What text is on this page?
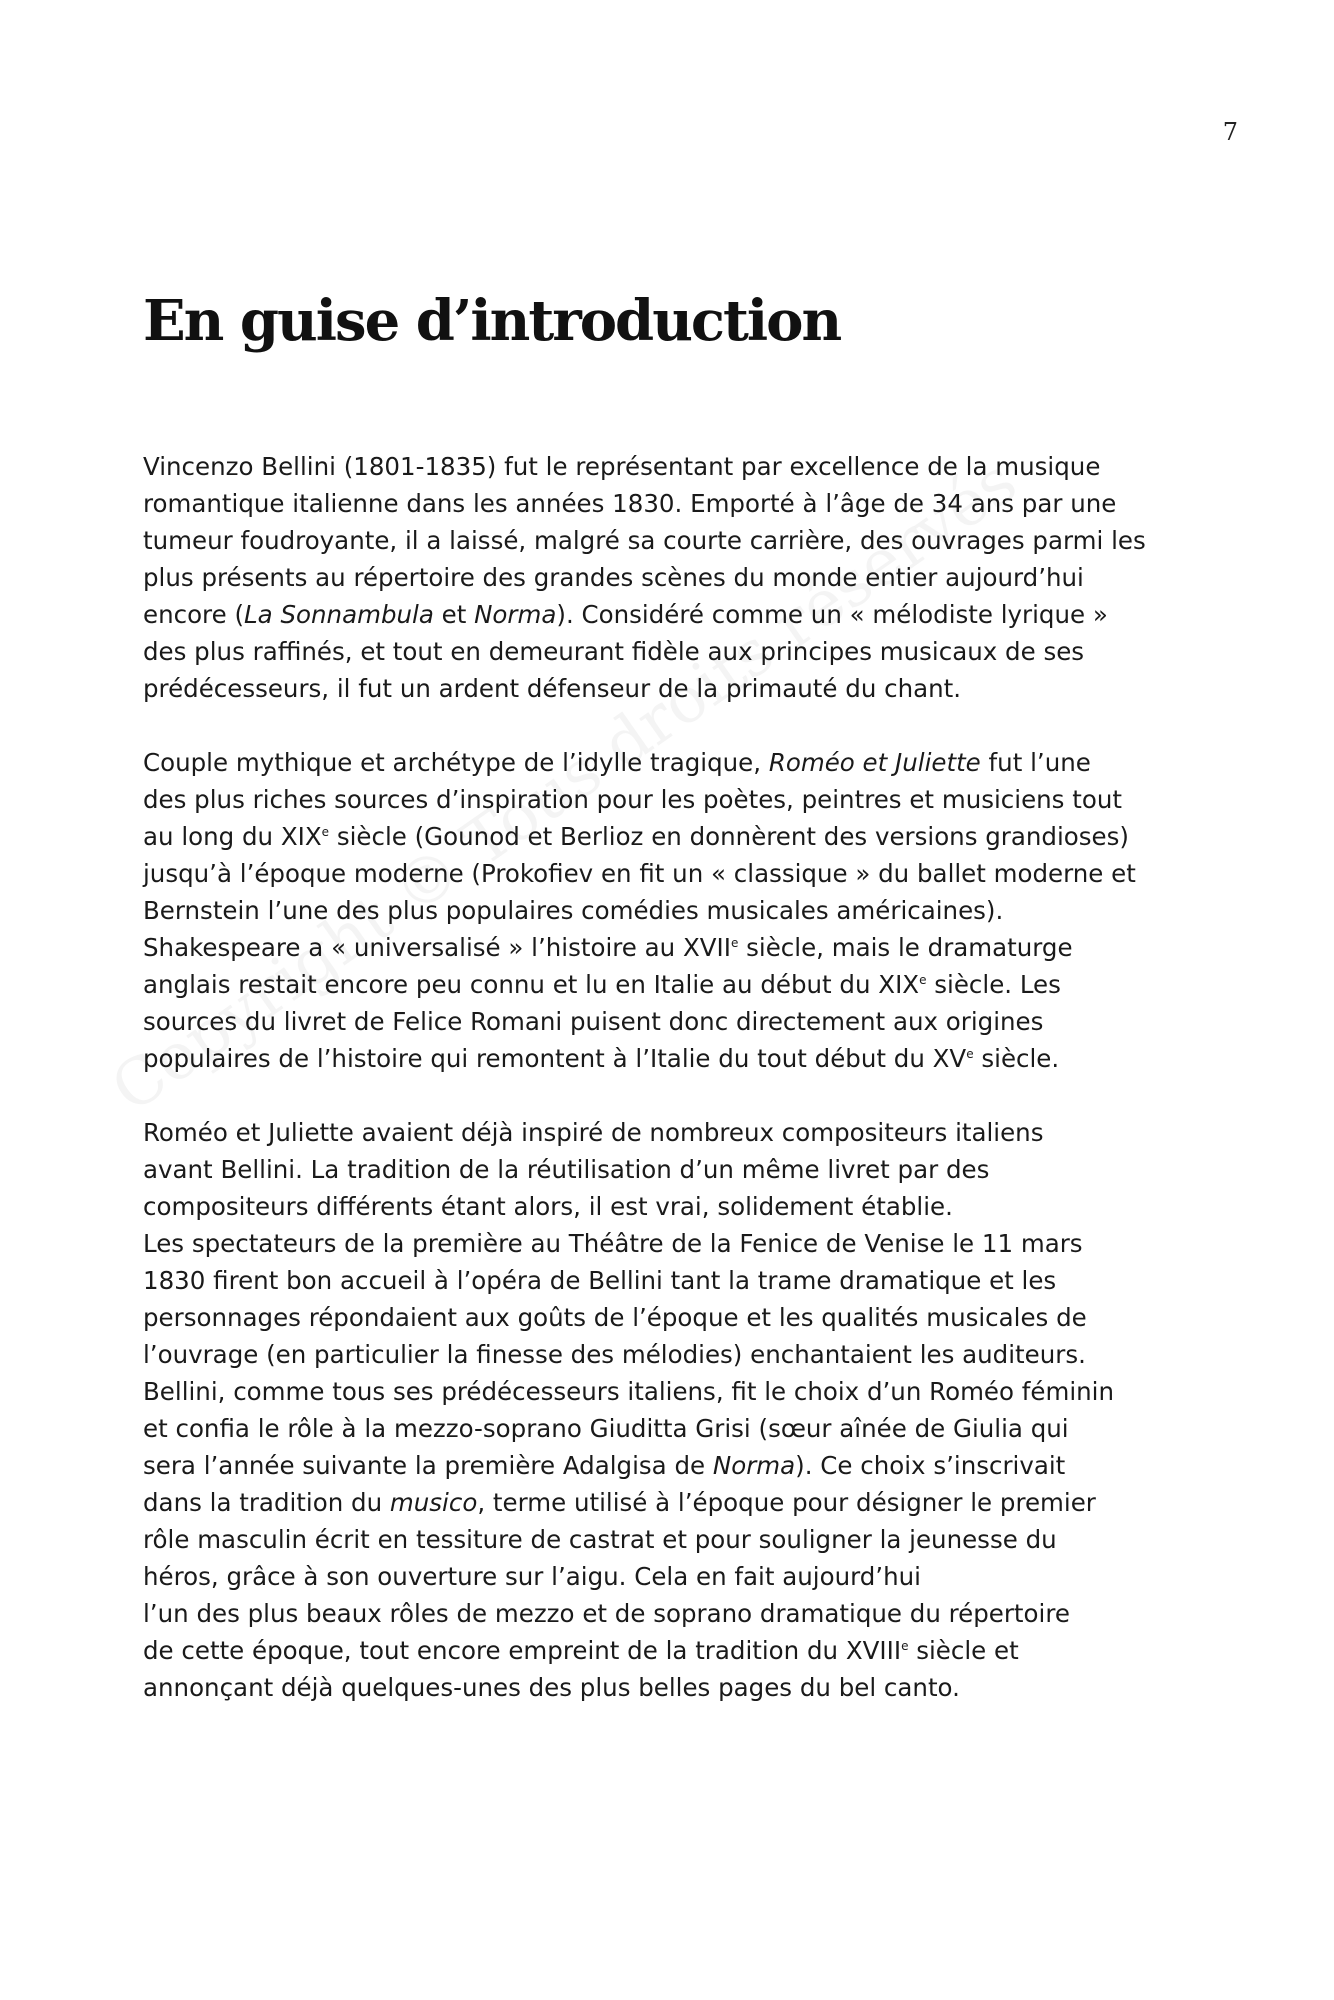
7
En guise d’introduction
Vincenzo Bellini (1801-1835) fut le représentant par excellence de la musique
romantique italienne dans les années 1830. Emporté à l’âge de 34 ans par une
tumeur foudroyante, il a laissé, malgré sa courte carrière, des ouvrages parmi les
plus présents au répertoire des grandes scènes du monde entier aujourd’hui
encore (La Sonnambula et Norma). Considéré comme un « mélodiste lyrique »
des plus raffinés, et tout en demeurant fidèle aux principes musicaux de ses
prédécesseurs, il fut un ardent défenseur de la primauté du chant.
Couple mythique et archétype de l’idylle tragique, Roméo et Juliette fut l’une
des plus riches sources d’inspiration pour les poètes, peintres et musiciens tout
au long du XIXe siècle (Gounod et Berlioz en donnèrent des versions grandioses)
jusqu’à l’époque moderne (Prokofiev en fit un « classique » du ballet moderne et
Bernstein l’une des plus populaires comédies musicales américaines).
Shakespeare a « universalisé » l’histoire au XVIIe siècle, mais le dramaturge
anglais restait encore peu connu et lu en Italie au début du XIXe siècle. Les
sources du livret de Felice Romani puisent donc directement aux origines
populaires de l’histoire qui remontent à l’Italie du tout début du XVe siècle.
Roméo et Juliette avaient déjà inspiré de nombreux compositeurs italiens
avant Bellini. La tradition de la réutilisation d’un même livret par des
compositeurs différents étant alors, il est vrai, solidement établie.
Les spectateurs de la première au Théâtre de la Fenice de Venise le 11 mars
1830 firent bon accueil à l’opéra de Bellini tant la trame dramatique et les
personnages répondaient aux goûts de l’époque et les qualités musicales de
l’ouvrage (en particulier la finesse des mélodies) enchantaient les auditeurs.
Bellini, comme tous ses prédécesseurs italiens, fit le choix d’un Roméo féminin
et confia le rôle à la mezzo-soprano Giuditta Grisi (sœur aînée de Giulia qui
sera l’année suivante la première Adalgisa de Norma). Ce choix s’inscrivait
dans la tradition du musico, terme utilisé à l’époque pour désigner le premier
rôle masculin écrit en tessiture de castrat et pour souligner la jeunesse du
héros, grâce à son ouverture sur l’aigu. Cela en fait aujourd’hui
l’un des plus beaux rôles de mezzo et de soprano dramatique du répertoire
de cette époque, tout encore empreint de la tradition du XVIIIe siècle et
annonçant déjà quelques-unes des plus belles pages du bel canto.
